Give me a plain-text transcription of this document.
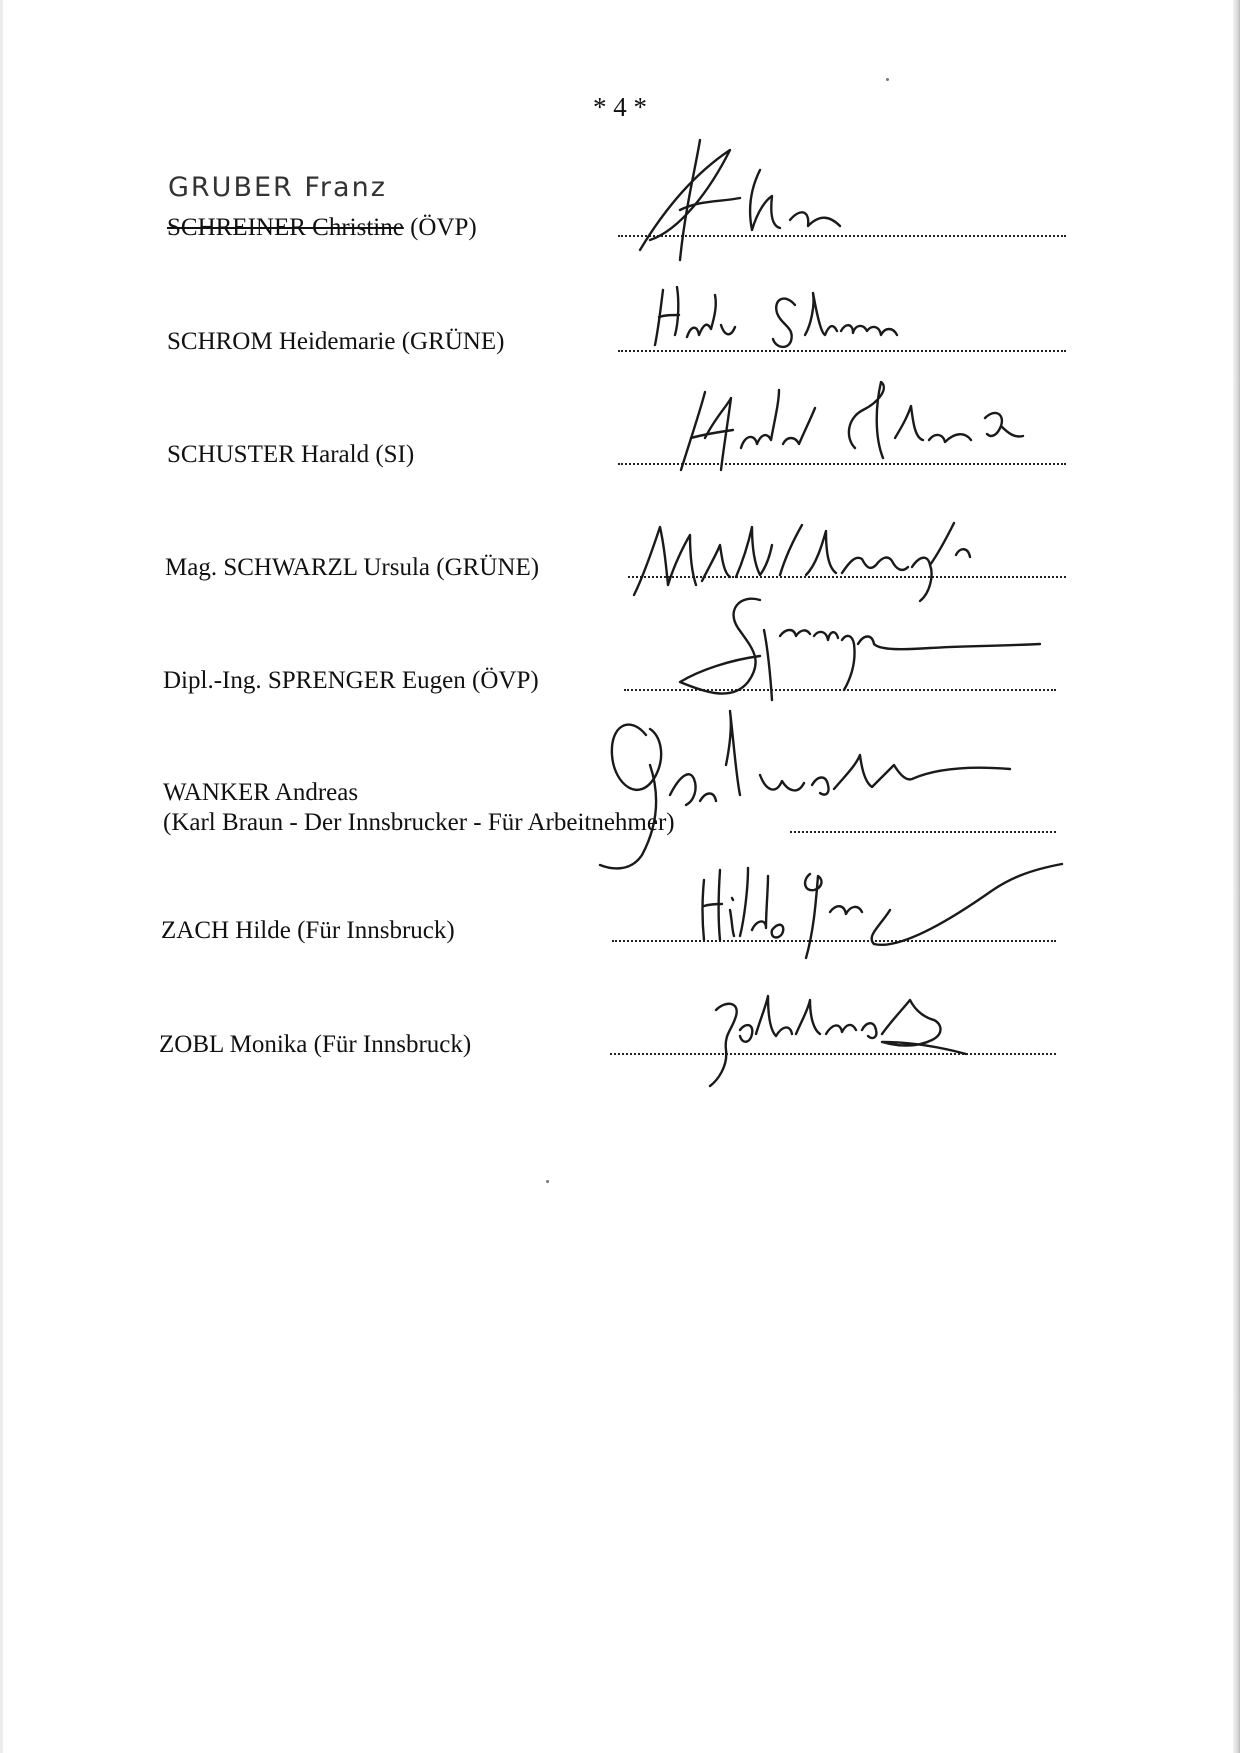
* 4 *
GRUBER Franz
SCHREINER Christine (ÖVP)
SCHROM Heidemarie (GRÜNE)
SCHUSTER Harald (SI)
Mag. SCHWARZL Ursula (GRÜNE)
Dipl.-Ing. SPRENGER Eugen (ÖVP)
WANKER Andreas
(Karl Braun - Der Innsbrucker - Für Arbeitnehmer)
ZACH Hilde (Für Innsbruck)
ZOBL Monika (Für Innsbruck)
